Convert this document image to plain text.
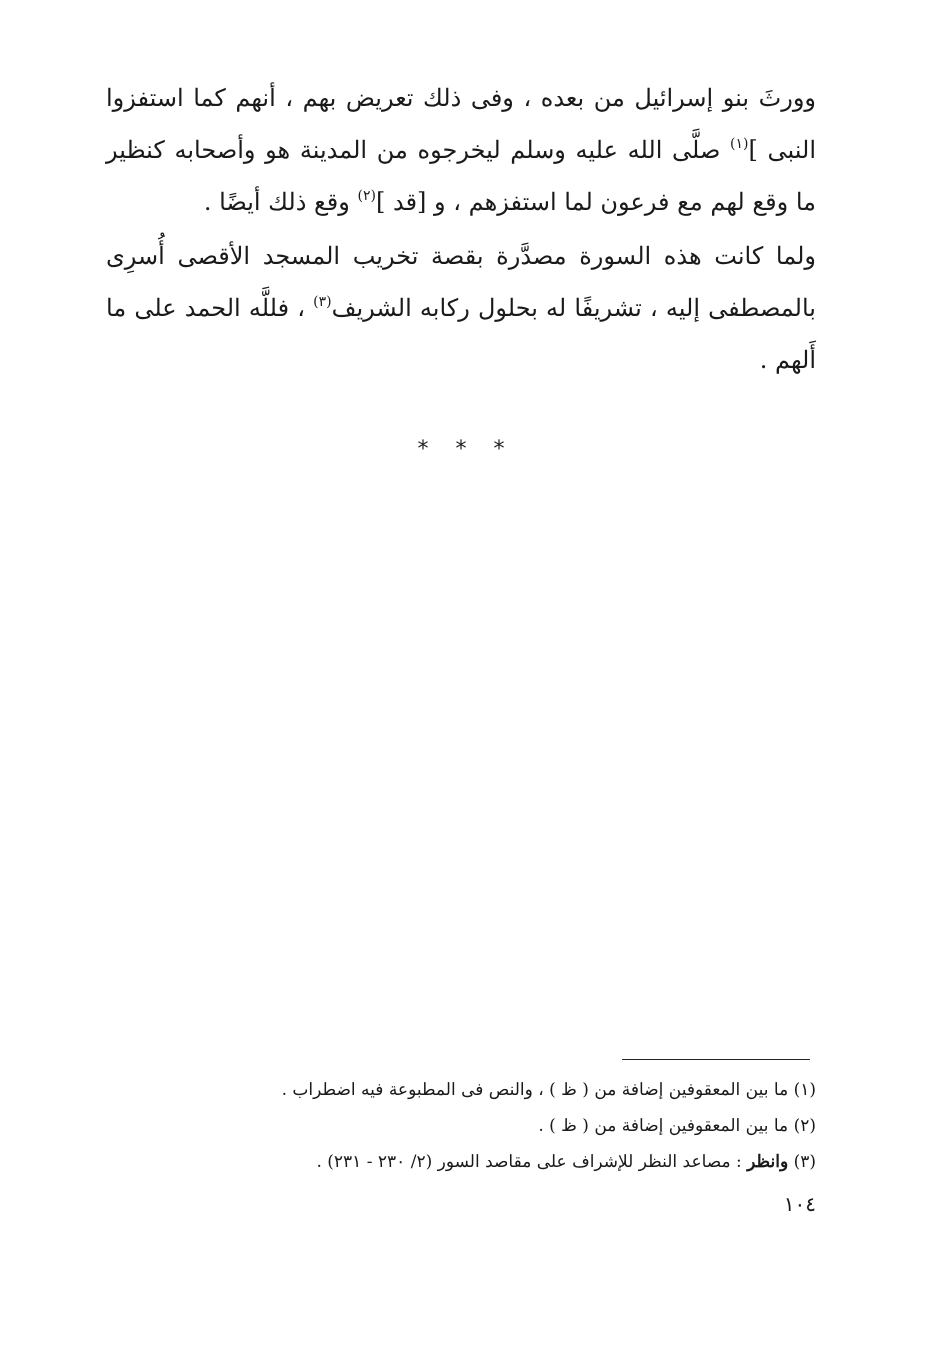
وورثَ بنو إسرائيل من بعده ، وفى ذلك تعريض بهم ، أنهم كما استفزوا النبى ]$^{(١)}$ صلَّى الله عليه وسلم ليخرجوه من المدينة هو وأصحابه كنظير ما وقع لهم مع فرعون لما استفزهم ، و [قد ]$^{(٢)}$ وقع ذلك أيضًا .

ولما كانت هذه السورة مصدَّرة بقصة تخريب المسجد الأقصى أُسرِى بالمصطفى إليه ، تشريفًا له بحلول ركابه الشريف$^{(٣)}$ ، فللَّه الحمد على ما أَلهم .

* * *
(١) ما بين المعقوفين إضافة من ( ظ ) ، والنص فى المطبوعة فيه اضطراب .
(٢) ما بين المعقوفين إضافة من ( ظ ) .
(٣) وانظر : مصاعد النظر للإشراف على مقاصد السور (٢/ ٢٣٠ - ٢٣١) .
١٠٤
